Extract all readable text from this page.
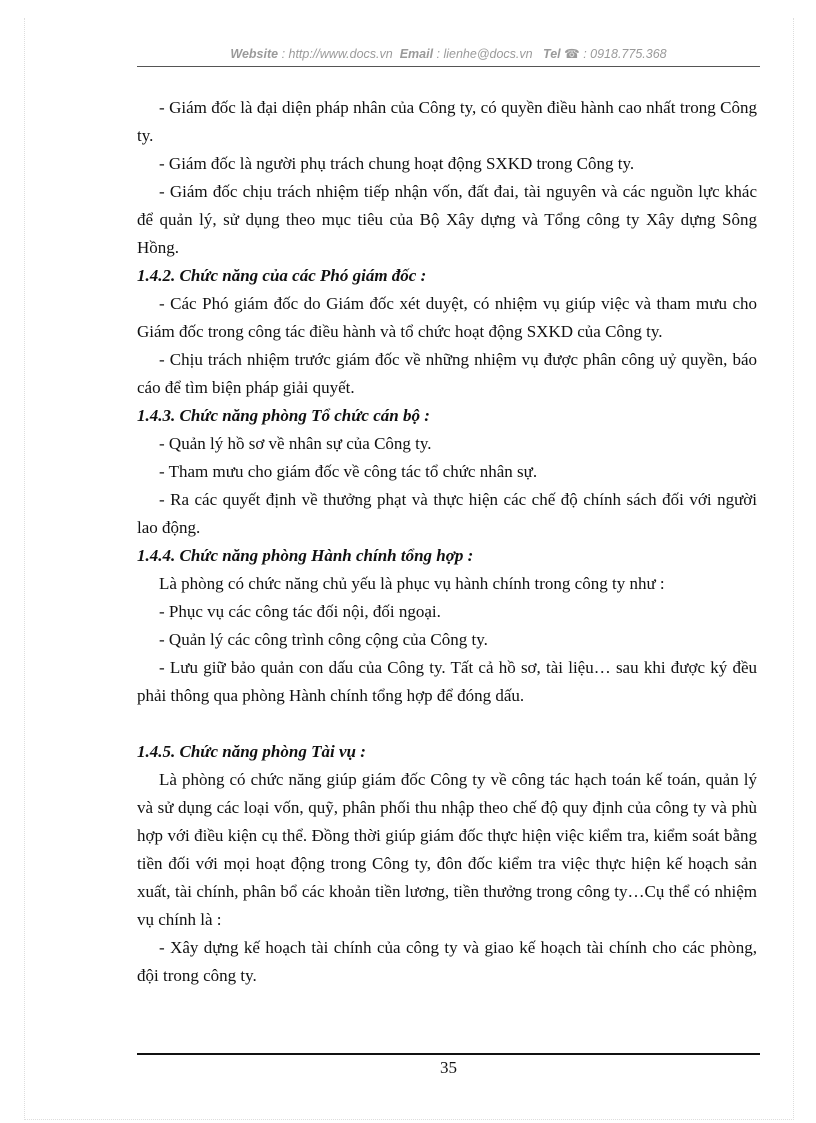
Website : http://www.docs.vn Email : lienhe@docs.vn Tel ☎ : 0918.775.368

- Giám đốc là đại diện pháp nhân của Công ty, có quyền điều hành cao nhất trong Công ty.

- Giám đốc là người phụ trách chung hoạt động SXKD trong Công ty.

- Giám đốc chịu trách nhiệm tiếp nhận vốn, đất đai, tài nguyên và các nguồn lực khác để quản lý, sử dụng theo mục tiêu của Bộ Xây dựng và Tổng công ty Xây dựng Sông Hồng.

1.4.2. Chức năng của các Phó giám đốc :

- Các Phó giám đốc do Giám đốc xét duyệt, có nhiệm vụ giúp việc và tham mưu cho Giám đốc trong công tác điều hành và tổ chức hoạt động SXKD của Công ty.

- Chịu trách nhiệm trước giám đốc về những nhiệm vụ được phân công uỷ quyền, báo cáo để tìm biện pháp giải quyết.

1.4.3. Chức năng phòng Tổ chức cán bộ :

- Quản lý hồ sơ về nhân sự của Công ty.

- Tham mưu cho giám đốc về công tác tổ chức nhân sự.

- Ra các quyết định về thưởng phạt và thực hiện các chế độ chính sách đối với người lao động.

1.4.4. Chức năng phòng Hành chính tổng hợp :

Là phòng có chức năng chủ yếu là phục vụ hành chính trong công ty như :

- Phục vụ các công tác đối nội, đối ngoại.

- Quản lý các công trình công cộng của Công ty.

- Lưu giữ bảo quản con dấu của Công ty. Tất cả hồ sơ, tài liệu… sau khi được ký đều phải thông qua phòng Hành chính tổng hợp để đóng dấu.

1.4.5. Chức năng phòng Tài vụ :

Là phòng có chức năng giúp giám đốc Công ty về công tác hạch toán kế toán, quản lý và sử dụng các loại vốn, quỹ, phân phối thu nhập theo chế độ quy định của công ty và phù hợp với điều kiện cụ thể. Đồng thời giúp giám đốc thực hiện việc kiểm tra, kiểm soát bằng tiền đối với mọi hoạt động trong Công ty, đôn đốc kiểm tra việc thực hiện kế hoạch sản xuất, tài chính, phân bổ các khoản tiền lương, tiền thưởng trong công ty…Cụ thể có nhiệm vụ chính là :

- Xây dựng kế hoạch tài chính của công ty và giao kế hoạch tài chính cho các phòng, đội trong công ty.

35
